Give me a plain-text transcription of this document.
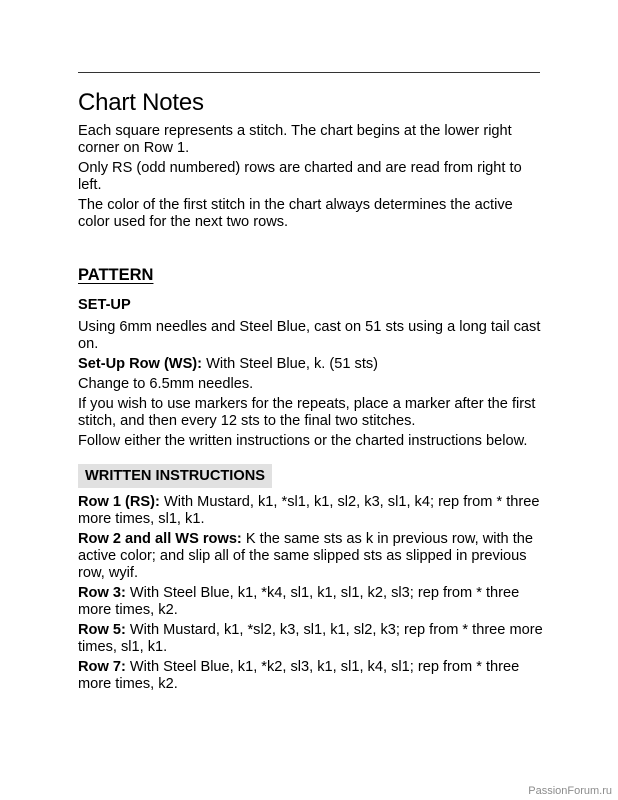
Chart Notes

Each square represents a stitch. The chart begins at the lower right corner on Row 1.

Only RS (odd numbered) rows are charted and are read from right to left.

The color of the first stitch in the chart always determines the active color used for the next two rows.

PATTERN
SET-UP

Using 6mm needles and Steel Blue, cast on 51 sts using a long tail cast on.

Set-Up Row (WS): With Steel Blue, k. (51 sts)

Change to 6.5mm needles.

If you wish to use markers for the repeats, place a marker after the first stitch, and then every 12 sts to the final two stitches.

Follow either the written instructions or the charted instructions below.

WRITTEN INSTRUCTIONS

Row 1 (RS): With Mustard, k1, *sl1, k1, sl2, k3, sl1, k4; rep from * three more times, sl1, k1.

Row 2 and all WS rows: K the same sts as k in previous row, with the active color; and slip all of the same slipped sts as slipped in previous row, wyif.

Row 3: With Steel Blue, k1, *k4, sl1, k1, sl1, k2, sl3; rep from * three more times, k2.

Row 5: With Mustard, k1, *sl2, k3, sl1, k1, sl2, k3; rep from * three more times, sl1, k1.

Row 7: With Steel Blue, k1, *k2, sl3, k1, sl1, k4, sl1; rep from * three more times, k2.

PassionForum.ru
